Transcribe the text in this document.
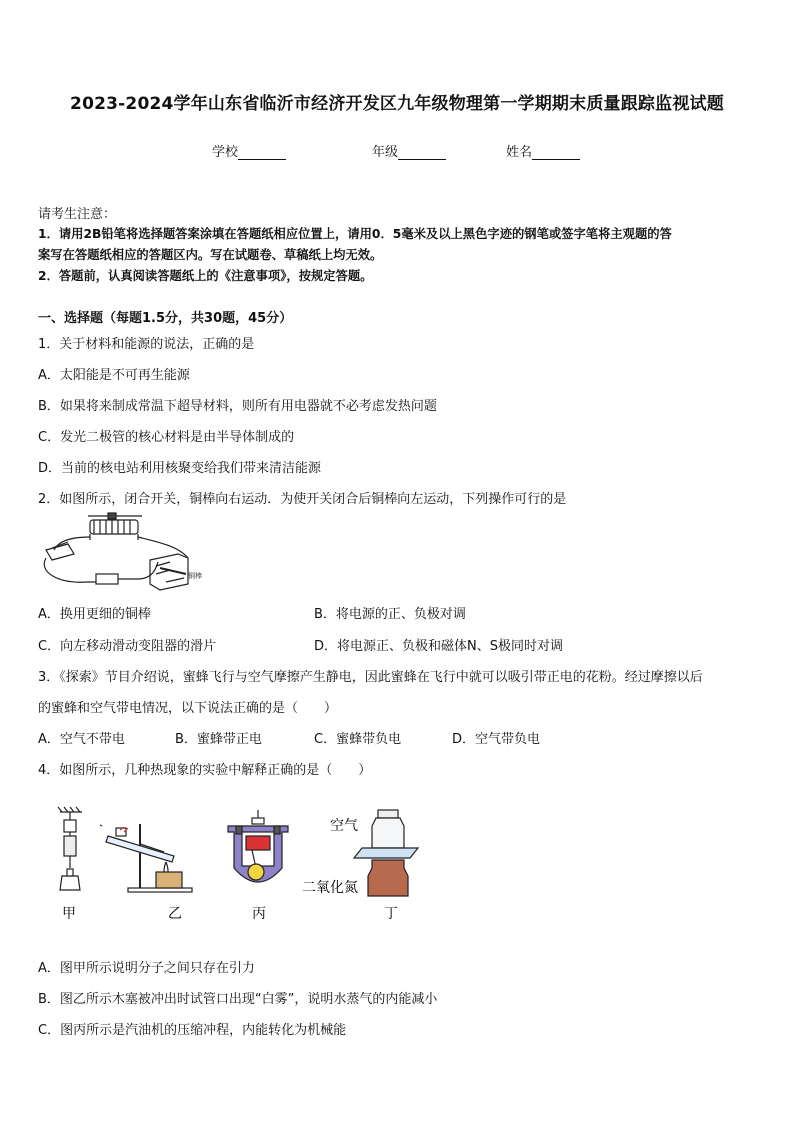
2023-2024学年山东省临沂市经济开发区九年级物理第一学期期末质量跟踪监视试题
学校	年级	姓名
请考生注意：
1．请用2B铅笔将选择题答案涂填在答题纸相应位置上，请用0．5毫米及以上黑色字迹的钢笔或签字笔将主观题的答
案写在答题纸相应的答题区内。写在试题卷、草稿纸上均无效。
2．答题前，认真阅读答题纸上的《注意事项》，按规定答题。
一、选择题（每题1.5分，共30题，45分）
1．关于材料和能源的说法，正确的是
A．太阳能是不可再生能源
B．如果将来制成常温下超导材料，则所有用电器就不必考虑发热问题
C．发光二极管的核心材料是由半导体制成的
D．当前的核电站利用核聚变给我们带来清洁能源
2．如图所示，闭合开关，铜棒向右运动．为使开关闭合后铜棒向左运动，下列操作可行的是
铜棒
A．换用更细的铜棒	B．将电源的正、负极对调
C．向左移动滑动变阻器的滑片	D．将电源正、负极和磁体N、S极同时对调
3．《探索》节目介绍说，蜜蜂飞行与空气摩擦产生静电，因此蜜蜂在飞行中就可以吸引带正电的花粉。经过摩擦以后
的蜜蜂和空气带电情况，以下说法正确的是（　　）
A．空气不带电	B．蜜蜂带正电	C．蜜蜂带负电	D．空气带负电
4．如图所示，几种热现象的实验中解释正确的是（　　）
甲	乙	丙
空气
二氧化氮
丁
A．图甲所示说明分子之间只存在引力
B．图乙所示木塞被冲出时试管口出现“白雾”，说明水蒸气的内能减小
C．图丙所示是汽油机的压缩冲程，内能转化为机械能
